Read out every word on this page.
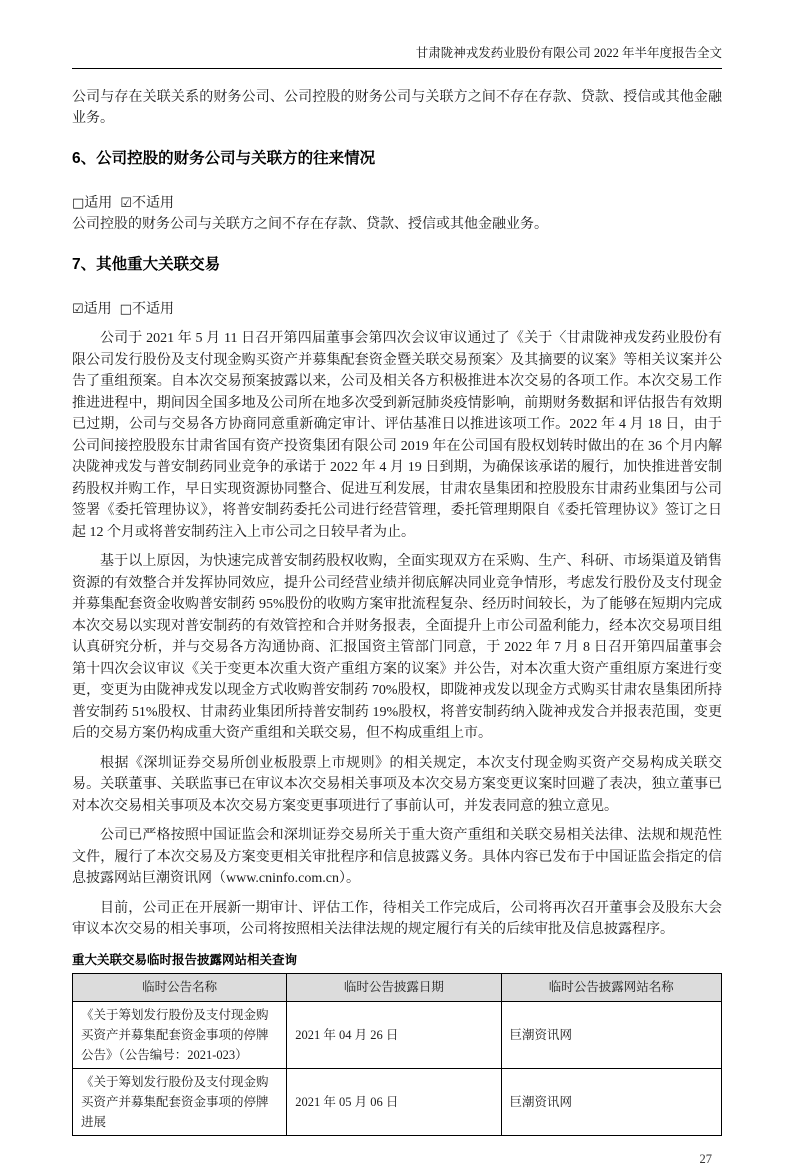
甘肃陇神戎发药业股份有限公司 2022 年半年度报告全文

公司与存在关联关系的财务公司、公司控股的财务公司与关联方之间不存在存款、贷款、授信或其他金融业务。

6、公司控股的财务公司与关联方的往来情况

□适用 ☑不适用

公司控股的财务公司与关联方之间不存在存款、贷款、授信或其他金融业务。

7、其他重大关联交易

☑适用 □不适用

公司于 2021 年 5 月 11 日召开第四届董事会第四次会议审议通过了《关于〈甘肃陇神戎发药业股份有限公司发行股份及支付现金购买资产并募集配套资金暨关联交易预案〉及其摘要的议案》等相关议案并公告了重组预案。自本次交易预案披露以来，公司及相关各方积极推进本次交易的各项工作。本次交易工作推进进程中，期间因全国多地及公司所在地多次受到新冠肺炎疫情影响，前期财务数据和评估报告有效期已过期，公司与交易各方协商同意重新确定审计、评估基准日以推进该项工作。2022 年 4 月 18 日，由于公司间接控股股东甘肃省国有资产投资集团有限公司 2019 年在公司国有股权划转时做出的在 36 个月内解决陇神戎发与普安制药同业竞争的承诺于 2022 年 4 月 19 日到期，为确保该承诺的履行，加快推进普安制药股权并购工作，早日实现资源协同整合、促进互利发展，甘肃农垦集团和控股股东甘肃药业集团与公司签署《委托管理协议》，将普安制药委托公司进行经营管理，委托管理期限自《委托管理协议》签订之日起 12 个月或将普安制药注入上市公司之日较早者为止。

基于以上原因，为快速完成普安制药股权收购，全面实现双方在采购、生产、科研、市场渠道及销售资源的有效整合并发挥协同效应，提升公司经营业绩并彻底解决同业竞争情形，考虑发行股份及支付现金并募集配套资金收购普安制药 95%股份的收购方案审批流程复杂、经历时间较长，为了能够在短期内完成本次交易以实现对普安制药的有效管控和合并财务报表，全面提升上市公司盈利能力，经本次交易项目组认真研究分析，并与交易各方沟通协商、汇报国资主管部门同意，于 2022 年 7 月 8 日召开第四届董事会第十四次会议审议《关于变更本次重大资产重组方案的议案》并公告，对本次重大资产重组原方案进行变更，变更为由陇神戎发以现金方式收购普安制药 70%股权，即陇神戎发以现金方式购买甘肃农垦集团所持普安制药 51%股权、甘肃药业集团所持普安制药 19%股权，将普安制药纳入陇神戎发合并报表范围，变更后的交易方案仍构成重大资产重组和关联交易，但不构成重组上市。

根据《深圳证券交易所创业板股票上市规则》的相关规定，本次支付现金购买资产交易构成关联交易。关联董事、关联监事已在审议本次交易相关事项及本次交易方案变更议案时回避了表决，独立董事已对本次交易相关事项及本次交易方案变更事项进行了事前认可，并发表同意的独立意见。

公司已严格按照中国证监会和深圳证券交易所关于重大资产重组和关联交易相关法律、法规和规范性文件，履行了本次交易及方案变更相关审批程序和信息披露义务。具体内容已发布于中国证监会指定的信息披露网站巨潮资讯网（www.cninfo.com.cn）。

目前，公司正在开展新一期审计、评估工作，待相关工作完成后，公司将再次召开董事会及股东大会审议本次交易的相关事项，公司将按照相关法律法规的规定履行有关的后续审批及信息披露程序。

重大关联交易临时报告披露网站相关查询
临时公告名称	临时公告披露日期	临时公告披露网站名称
《关于筹划发行股份及支付现金购买资产并募集配套资金事项的停牌公告》（公告编号：2021-023）	2021 年 04 月 26 日	巨潮资讯网
《关于筹划发行股份及支付现金购买资产并募集配套资金事项的停牌进展	2021 年 05 月 06 日	巨潮资讯网
27
